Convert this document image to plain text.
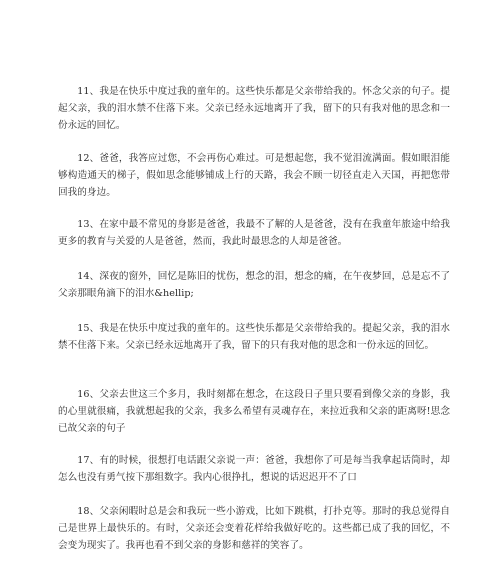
11、我是在快乐中度过我的童年的。这些快乐都是父亲带给我的。怀念父亲的句子。提起父亲，我的泪水禁不住落下来。父亲已经永远地离开了我，留下的只有我对他的思念和一份永远的回忆。

12、爸爸，我答应过您，不会再伤心难过。可是想起您，我不觉泪流满面。假如眼泪能够构造通天的梯子，假如思念能够铺成上行的天路，我会不顾一切径直走入天国，再把您带回我的身边。

13、在家中最不常见的身影是爸爸，我最不了解的人是爸爸，没有在我童年旅途中给我更多的教育与关爱的人是爸爸，然而，我此时最思念的人却是爸爸。

14、深夜的窗外，回忆是陈旧的忧伤，想念的泪，想念的痛，在午夜梦回，总是忘不了父亲那眼角滴下的泪水&hellip;

15、我是在快乐中度过我的童年的。这些快乐都是父亲带给我的。提起父亲，我的泪水禁不住落下来。父亲已经永远地离开了我，留下的只有我对他的思念和一份永远的回忆。

16、父亲去世这三个多月，我时刻都在想念，在这段日子里只要看到像父亲的身影，我的心里就很痛，我就想起我的父亲，我多么希望有灵魂存在，来拉近我和父亲的距离呀!思念已故父亲的句子

17、有的时候，很想打电话跟父亲说一声：爸爸，我想你了可是每当我拿起话筒时，却怎么也没有勇气按下那组数字。我内心很挣扎，想说的话迟迟开不了口

18、父亲闲暇时总是会和我玩一些小游戏，比如下跳棋，打扑克等。那时的我总觉得自己是世界上最快乐的。有时，父亲还会变着花样给我做好吃的。这些都已成了我的回忆，不会变为现实了。我再也看不到父亲的身影和慈祥的笑容了。
